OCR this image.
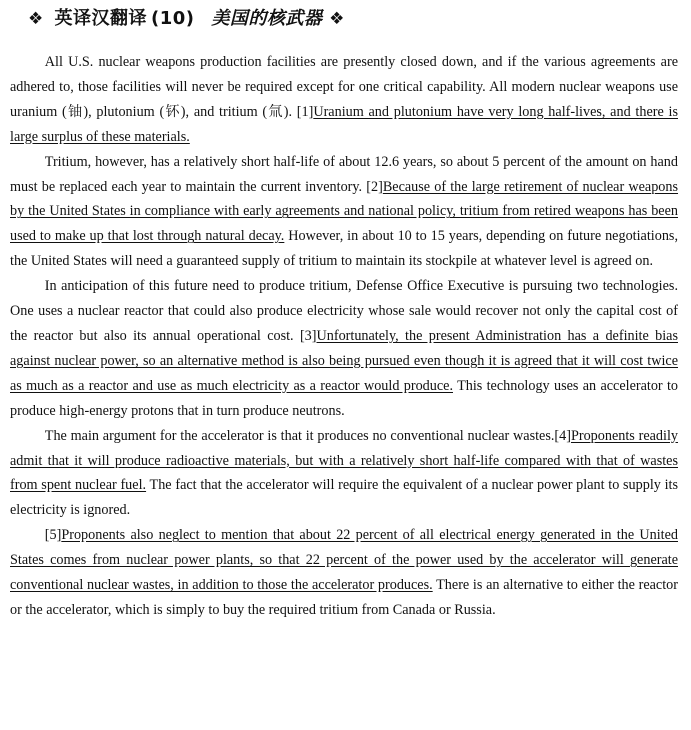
❖ 英译汉翻译 (10) 美国的核武器 ❖

All U.S. nuclear weapons production facilities are presently closed down, and if the various agreements are adhered to, those facilities will never be required except for one critical capability. All modern nuclear weapons use uranium (铀), plutonium (钚), and tritium (氚). [1]Uranium and plutonium have very long half-lives, and there is large surplus of these materials.

Tritium, however, has a relatively short half-life of about 12.6 years, so about 5 percent of the amount on hand must be replaced each year to maintain the current inventory. [2]Because of the large retirement of nuclear weapons by the United States in compliance with early agreements and national policy, tritium from retired weapons has been used to make up that lost through natural decay. However, in about 10 to 15 years, depending on future negotiations, the United States will need a guaranteed supply of tritium to maintain its stockpile at whatever level is agreed on.

In anticipation of this future need to produce tritium, Defense Office Executive is pursuing two technologies. One uses a nuclear reactor that could also produce electricity whose sale would recover not only the capital cost of the reactor but also its annual operational cost. [3]Unfortunately, the present Administration has a definite bias against nuclear power, so an alternative method is also being pursued even though it is agreed that it will cost twice as much as a reactor and use as much electricity as a reactor would produce. This technology uses an accelerator to produce high-energy protons that in turn produce neutrons.

The main argument for the accelerator is that it produces no conventional nuclear wastes.[4]Proponents readily admit that it will produce radioactive materials, but with a relatively short half-life compared with that of wastes from spent nuclear fuel. The fact that the accelerator will require the equivalent of a nuclear power plant to supply its electricity is ignored.

[5]Proponents also neglect to mention that about 22 percent of all electrical energy generated in the United States comes from nuclear power plants, so that 22 percent of the power used by the accelerator will generate conventional nuclear wastes, in addition to those the accelerator produces. There is an alternative to either the reactor or the accelerator, which is simply to buy the required tritium from Canada or Russia.
